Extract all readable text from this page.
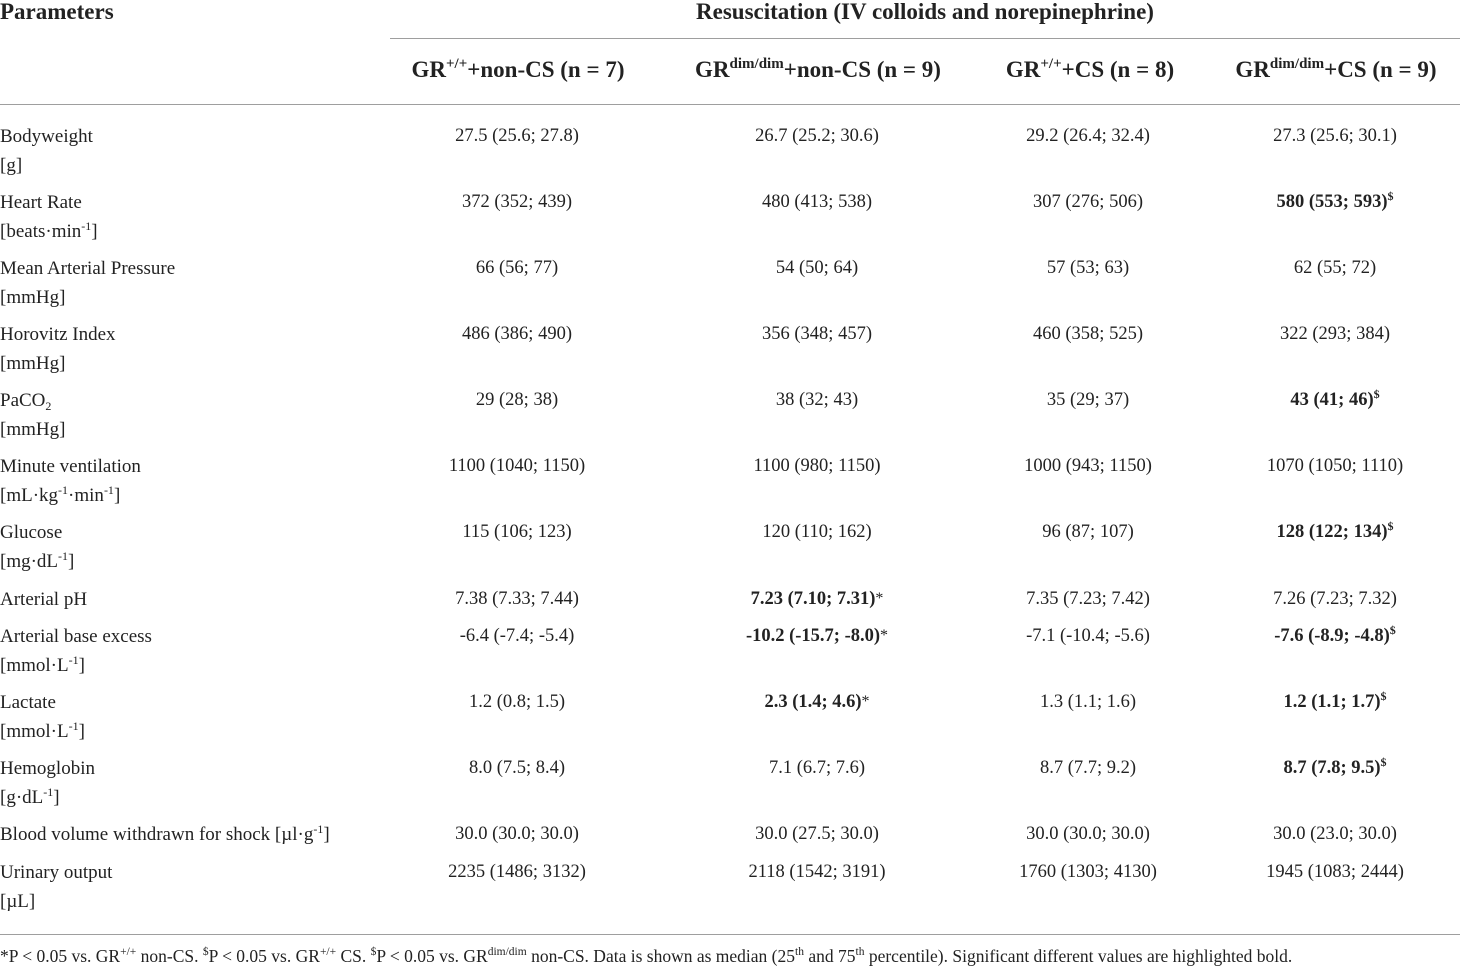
Parameters	Resuscitation (IV colloids and norepinephrine)
GR+/++non-CS (n = 7)	$GR^{dim/dim}+non-CS$ (n = 9)	GR+/++CS (n = 8)	$GR^{dim/dim}+CS$ (n = 9)
Bodyweight
[g]
27.5 (25.6; 27.8)	26.7 (25.2; 30.6)	29.2 (26.4; 32.4)	27.3 (25.6; 30.1)
Heart Rate
$[beats\cdot\min^{-1}]$
372 (352; 439)	480 (413; 538)	307 (276; 506)	580 (553; 593)$
Mean Arterial Pressure
[mmHg]
66 (56; 77)	54 (50; 64)	57 (53; 63)	62 (55; 72)
Horovitz Index
[mmHg]
486 (386; 490)	356 (348; 457)	460 (358; 525)	322 (293; 384)
PaCO$_2$
[mmHg]
29 (28; 38)	38 (32; 43)	35 (29; 37)	43 (41; 46)$
Minute ventilation
$[mL\cdot kg^{-1}\cdot\min^{-1}]$
1100 (1040; 1150)	1100 (980; 1150)	1000 (943; 1150)	1070 (1050; 1110)
Glucose
$[mg\cdot dL^{-1}]$
115 (106; 123)	120 (110; 162)	96 (87; 107)	128 (122; 134)$
Arterial pH	7.38 (7.33; 7.44)	7.23 (7.10; 7.31)*	7.35 (7.23; 7.42)	7.26 (7.23; 7.32)
Arterial base excess
$[mmol\cdot L^{-1}]$
-6.4 (-7.4; -5.4)	-10.2 (-15.7; -8.0)*	-7.1 (-10.4; -5.6)	-7.6 (-8.9; -4.8)$
Lactate
$[mmol\cdot L^{-1}]$
1.2 (0.8; 1.5)	2.3 (1.4; 4.6)*	1.3 (1.1; 1.6)	1.2 (1.1; 1.7)$
Hemoglobin
$[g\cdot dL^{-1}]$
8.0 (7.5; 8.4)	7.1 (6.7; 7.6)	8.7 (7.7; 9.2)	8.7 (7.8; 9.5)$
Blood volume withdrawn for shock $[\mu l\cdot g^{-1}]$	30.0 (30.0; 30.0)	30.0 (27.5; 30.0)	30.0 (30.0; 30.0)	30.0 (23.0; 30.0)
Urinary output
[µL]
2235 (1486; 3132)	2118 (1542; 3191)	1760 (1303; 4130)	1945 (1083; 2444)
*P < 0.05 vs. GR+/+ non-CS. $P < 0.05 vs. GR+/+ CS. $P < 0.05 vs. $GR^{dim/dim}$ non-CS. Data is shown as median (25th and 75th percentile). Significant different values are highlighted bold.
